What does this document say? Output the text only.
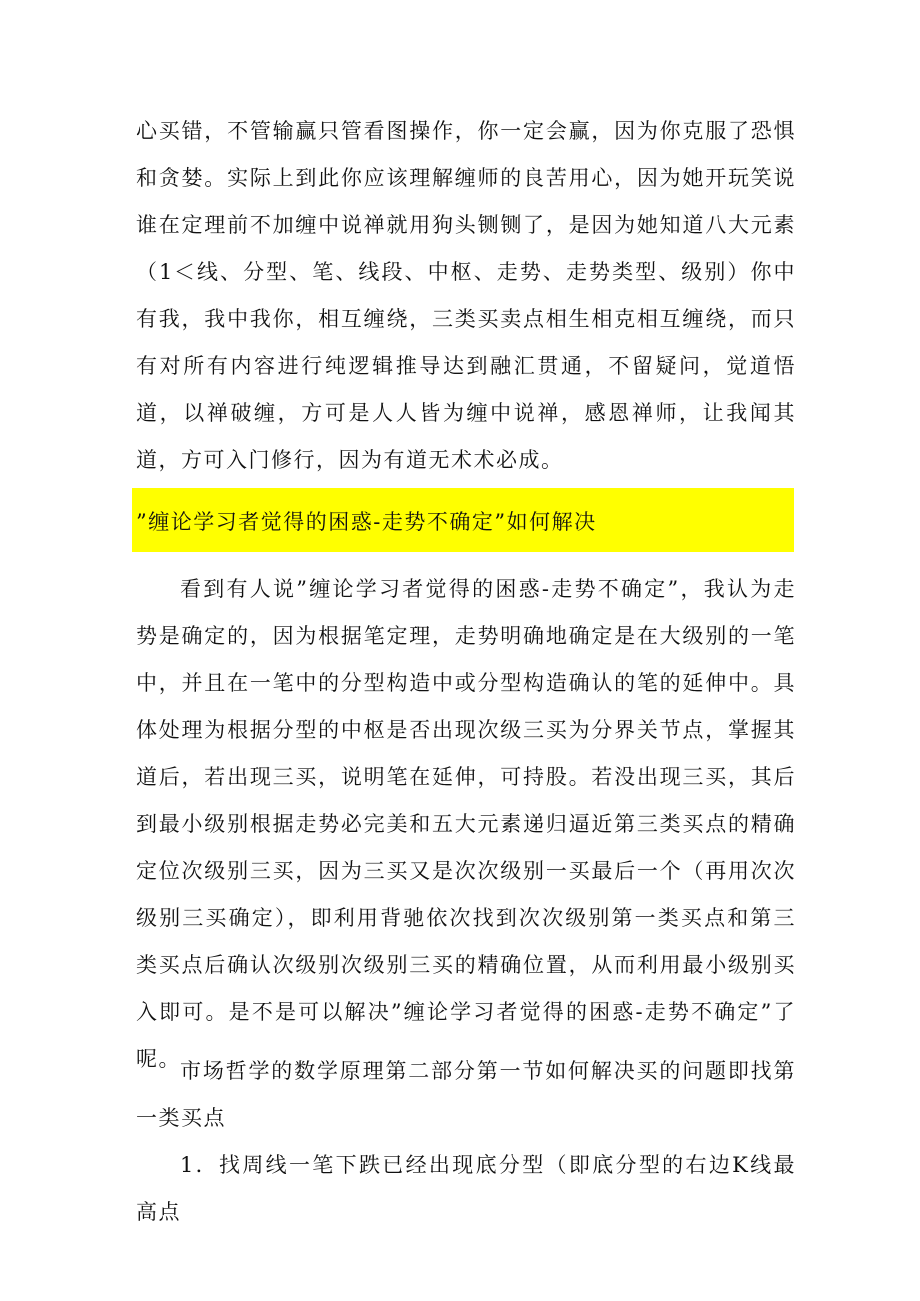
心买错，不管输赢只管看图操作，你一定会赢，因为你克服了恐惧和贪婪。实际上到此你应该理解缠师的良苦用心，因为她开玩笑说谁在定理前不加缠中说禅就用狗头铡铡了，是因为她知道八大元素（1＜线、分型、笔、线段、中枢、走势、走势类型、级别）你中有我，我中我你，相互缠绕，三类买卖点相生相克相互缠绕，而只有对所有内容进行纯逻辑推导达到融汇贯通，不留疑问，觉道悟道，以禅破缠，方可是人人皆为缠中说禅，感恩禅师，让我闻其道，方可入门修行，因为有道无术术必成。

”缠论学习者觉得的困惑-走势不确定”如何解决

看到有人说”缠论学习者觉得的困惑-走势不确定”，我认为走势是确定的，因为根据笔定理，走势明确地确定是在大级别的一笔中，并且在一笔中的分型构造中或分型构造确认的笔的延伸中。具体处理为根据分型的中枢是否出现次级三买为分界关节点，掌握其道后，若出现三买，说明笔在延伸，可持股。若没出现三买，其后到最小级别根据走势必完美和五大元素递归逼近第三类买点的精确定位次级别三买，因为三买又是次次级别一买最后一个（再用次次级别三买确定），即利用背驰依次找到次次级别第一类买点和第三类买点后确认次级别次级别三买的精确位置，从而利用最小级别买入即可。是不是可以解决”缠论学习者觉得的困惑-走势不确定”了呢。 市场哲学的数学原理第二部分第一节如何解决买的问题即找第一类买点

1．找周线一笔下跌已经出现底分型（即底分型的右边K线最高点
